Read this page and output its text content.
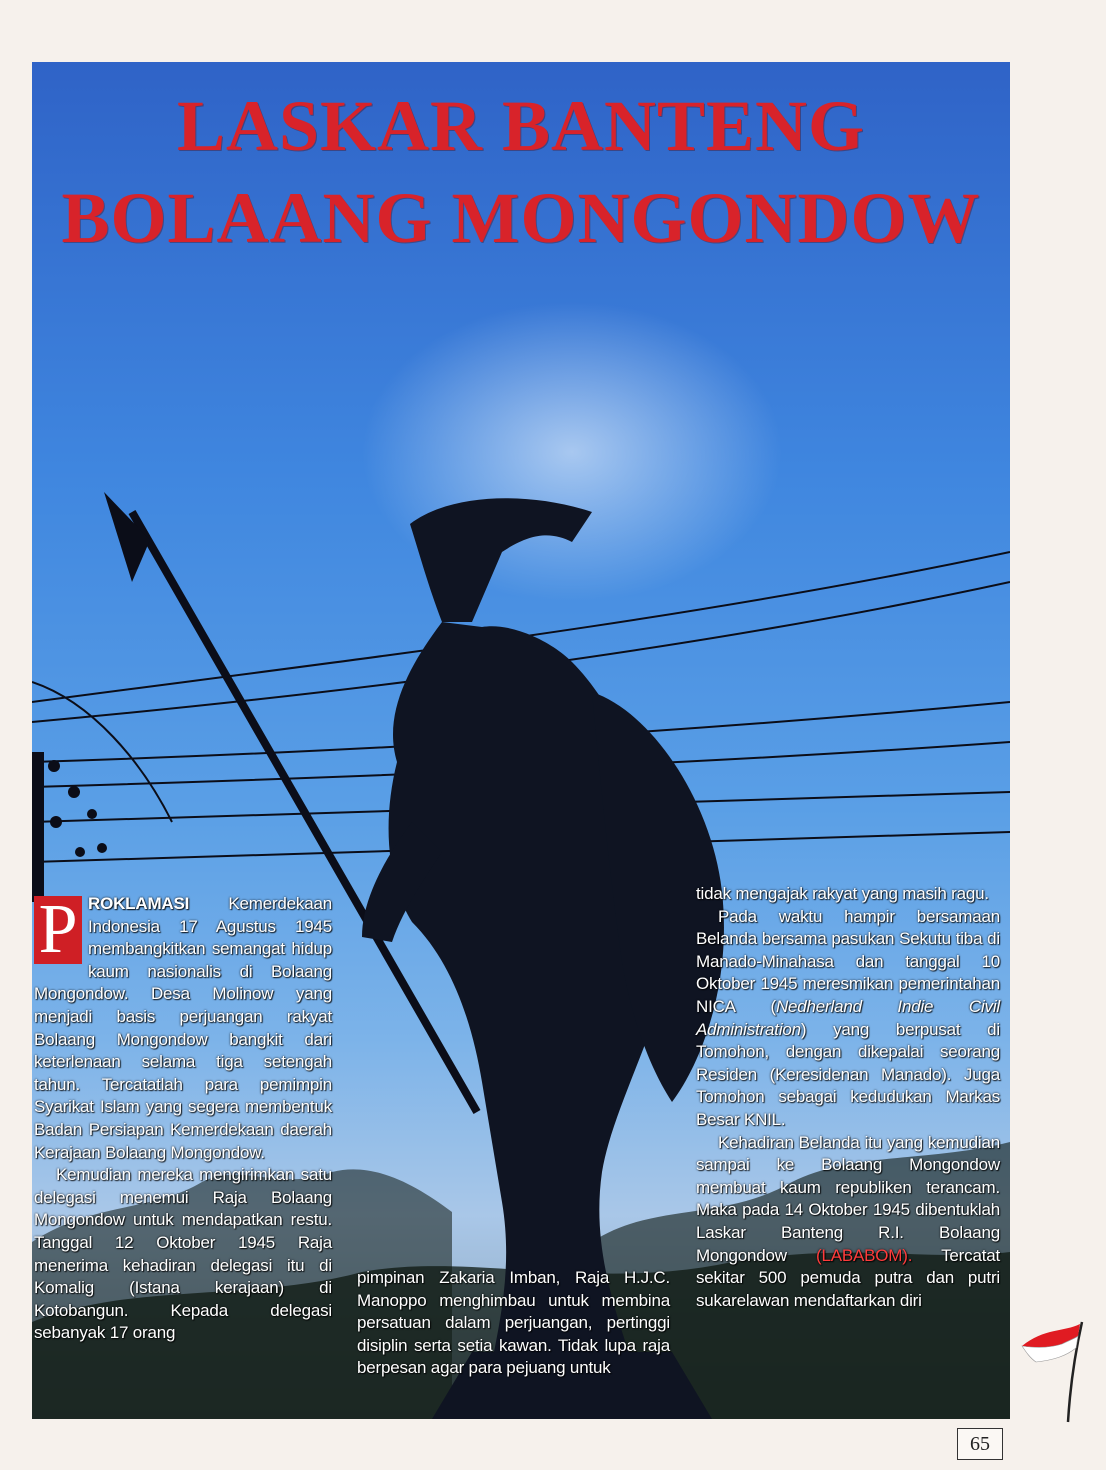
LASKAR BANTENG
BOLAANG MONGONDOW

P ROKLAMASI Kemerdekaan Indonesia 17 Agustus 1945 membangkitkan semangat hidup kaum nasionalis di Bolaang Mongondow. Desa Molinow yang menjadi basis perjuangan rakyat Bolaang Mongondow bangkit dari keterlenaan selama tiga setengah tahun. Tercatatlah para pemimpin Syarikat Islam yang segera membentuk Badan Persiapan Kemerdekaan daerah Kerajaan Bolaang Mongondow.

Kemudian mereka mengirimkan satu delegasi menemui Raja Bolaang Mongondow untuk mendapatkan restu. Tanggal 12 Oktober 1945 Raja menerima kehadiran delegasi itu di Komalig (Istana kerajaan) di Kotobangun. Kepada delegasi sebanyak 17 orang

pimpinan Zakaria Imban, Raja H.J.C. Manoppo menghimbau untuk membina persatuan dalam perjuangan, pertinggi disiplin serta setia kawan. Tidak lupa raja berpesan agar para pejuang untuk

tidak mengajak rakyat yang masih ragu.

Pada waktu hampir bersamaan Belanda bersama pasukan Sekutu tiba di Manado-Minahasa dan tanggal 10 Oktober 1945 meresmikan pemerintahan NICA (Nedherland Indie Civil Administration) yang berpusat di Tomohon, dengan dikepalai seorang Residen (Keresidenan Manado). Juga Tomohon sebagai kedudukan Markas Besar KNIL.

Kehadiran Belanda itu yang kemudian sampai ke Bolaang Mongondow membuat kaum republiken terancam. Maka pada 14 Oktober 1945 dibentuklah Laskar Banteng R.I. Bolaang Mongondow (LABABOM). Tercatat sekitar 500 pemuda putra dan putri sukarelawan mendaftarkan diri

65
